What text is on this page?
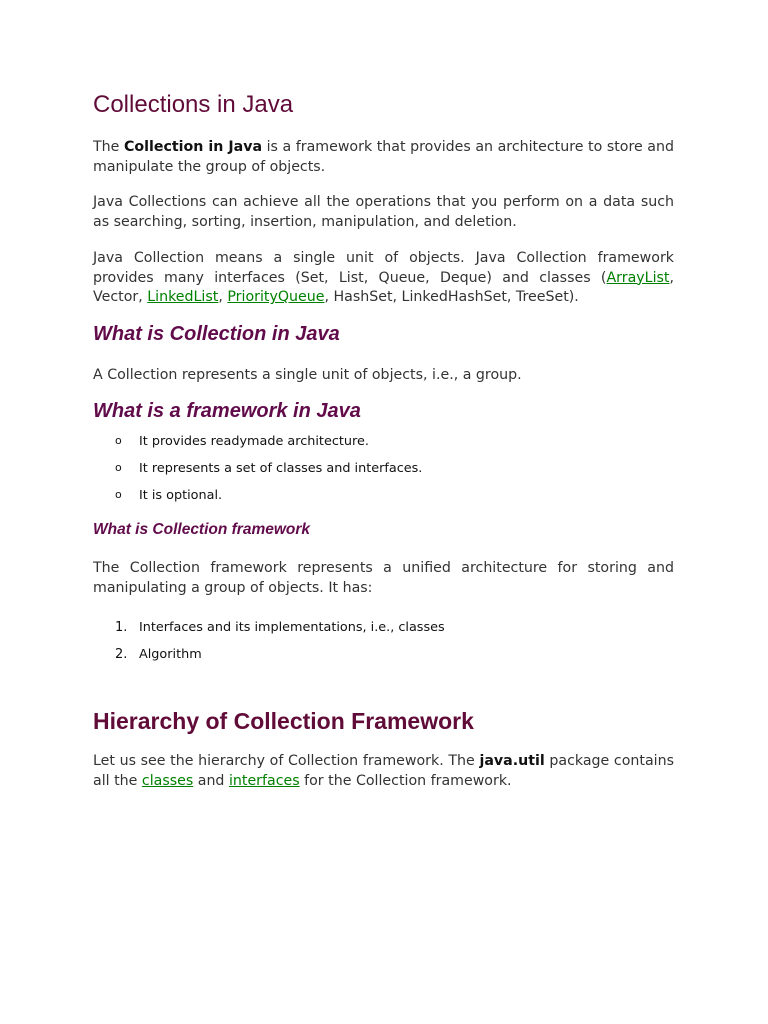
Collections in Java

The Collection in Java is a framework that provides an architecture to store and manipulate the group of objects.

Java Collections can achieve all the operations that you perform on a data such as searching, sorting, insertion, manipulation, and deletion.

Java Collection means a single unit of objects. Java Collection framework provides many interfaces (Set, List, Queue, Deque) and classes (ArrayList, Vector, LinkedList, PriorityQueue, HashSet, LinkedHashSet, TreeSet).

What is Collection in Java

A Collection represents a single unit of objects, i.e., a group.

What is a framework in Java
o It provides readymade architecture.
o It represents a set of classes and interfaces.
o It is optional.
What is Collection framework

The Collection framework represents a unified architecture for storing and manipulating a group of objects. It has:

1. Interfaces and its implementations, i.e., classes
2. Algorithm
Hierarchy of Collection Framework

Let us see the hierarchy of Collection framework. The java.util package contains all the classes and interfaces for the Collection framework.
